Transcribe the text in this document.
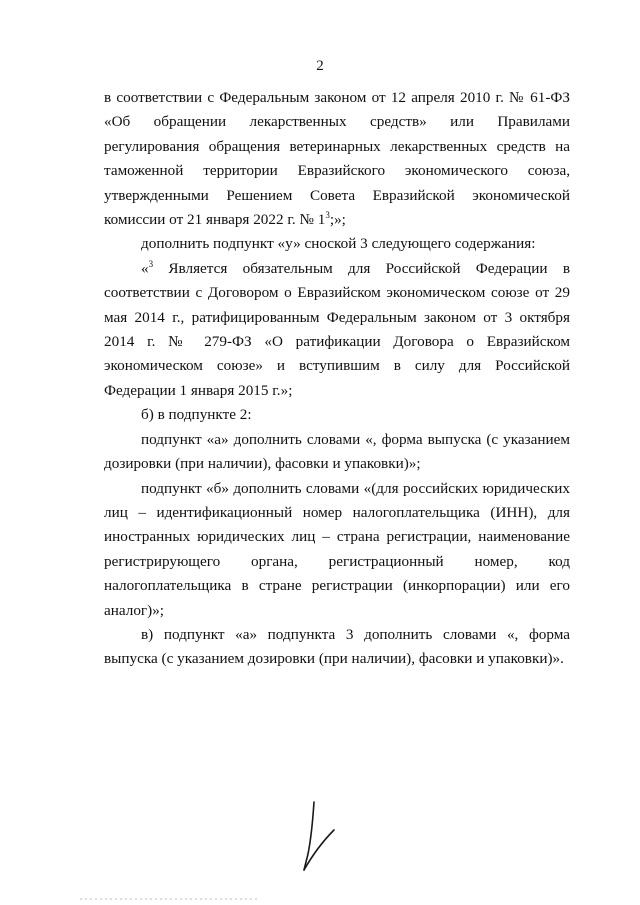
2

в соответствии с Федеральным законом от 12 апреля 2010 г. № 61-ФЗ «Об обращении лекарственных средств» или Правилами регулирования обращения ветеринарных лекарственных средств на таможенной территории Евразийского экономического союза, утвержденными Решением Совета Евразийской экономической комиссии от 21 января 2022 г. № $1^3$;»;

дополнить подпункт «у» сноской 3 следующего содержания:

«$^3$ Является обязательным для Российской Федерации в соответствии с Договором о Евразийском экономическом союзе от 29 мая 2014 г., ратифицированным Федеральным законом от 3 октября 2014 г. № 279-ФЗ «О ратификации Договора о Евразийском экономическом союзе» и вступившим в силу для Российской Федерации 1 января 2015 г.»;

б) в подпункте 2:

подпункт «а» дополнить словами «, форма выпуска (с указанием дозировки (при наличии), фасовки и упаковки)»;

подпункт «б» дополнить словами «(для российских юридических лиц – идентификационный номер налогоплательщика (ИНН), для иностранных юридических лиц – страна регистрации, наименование регистрирующего органа, регистрационный номер, код налогоплательщика в стране регистрации (инкорпорации) или его аналог)»;

в) подпункт «а» подпункта 3 дополнить словами «, форма выпуска (с указанием дозировки (при наличии), фасовки и упаковки)».
